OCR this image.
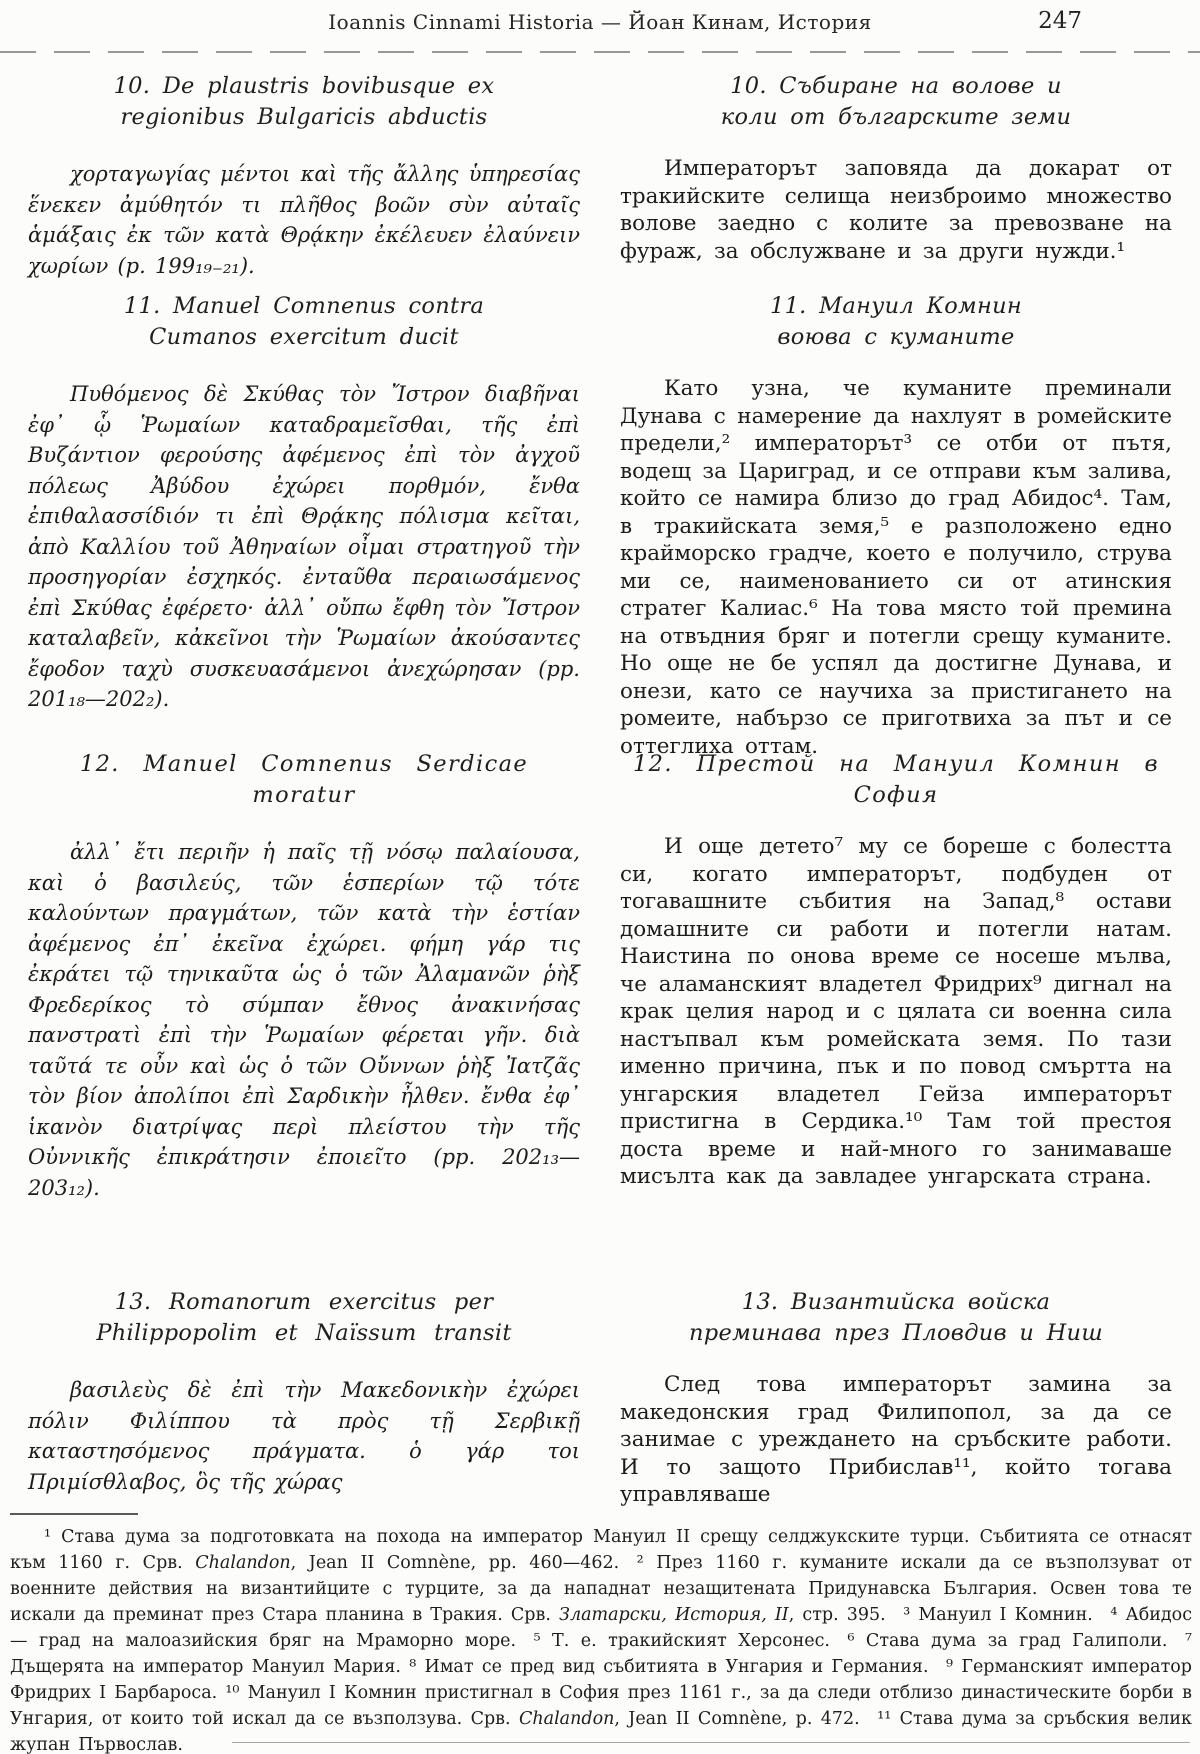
Ioannis Cinnami Historia — Йоан Кинам, История	247
10. De plaustris bovibusque ex regionibus Bulgaricis abductis

χορταγωγίας μέντοι καὶ τῆς ἄλλης ὑπηρεσίας ἕνεκεν ἀμύθητόν τι πλῆθος βοῶν σὺν αὐταῖς ἁμάξαις ἐκ τῶν κατὰ Θρᾴκην ἐκέλευεν ἐλαύνειν χωρίων (p. 199₁₉₋₂₁).

11. Manuel Comnenus contra Cumanos exercitum ducit

Πυθόμενος δὲ Σκύθας τὸν Ἴστρον διαβῆναι ἐφ᾽ ᾧ Ῥωμαίων καταδραμεῖσθαι, τῆς ἐπὶ Βυζάντιον φερούσης ἀφέμενος ἐπὶ τὸν ἀγχοῦ πόλεως Ἀβύδου ἐχώρει πορθμόν, ἔνθα ἐπιθαλασσίδιόν τι ἐπὶ Θρᾴκης πόλισμα κεῖται, ἀπὸ Καλλίου τοῦ Ἀθηναίων οἶμαι στρατηγοῦ τὴν προσηγορίαν ἐσχηκός. ἐνταῦθα περαιωσάμενος ἐπὶ Σκύθας ἐφέρετο· ἀλλ᾽ οὔπω ἔφθη τὸν Ἴστρον καταλαβεῖν, κἀκεῖνοι τὴν Ῥωμαίων ἀκούσαντες ἔφοδον ταχὺ συσκευασάμενοι ἀνεχώρησαν (pp. 201₁₈—202₂).

12. Manuel Comnenus Serdicae moratur

ἀλλ᾽ ἔτι περιῆν ἡ παῖς τῇ νόσῳ παλαίουσα, καὶ ὁ βασιλεύς, τῶν ἑσπερίων τῷ τότε καλούντων πραγμάτων, τῶν κατὰ τὴν ἑστίαν ἀφέμενος ἐπ᾽ ἐκεῖνα ἐχώρει. φήμη γάρ τις ἐκράτει τῷ τηνικαῦτα ὡς ὁ τῶν Ἀλαμανῶν ῥὴξ Φρεδερίκος τὸ σύμπαν ἔθνος ἀνακινήσας πανστρατὶ ἐπὶ τὴν Ῥωμαίων φέρεται γῆν. διὰ ταῦτά τε οὖν καὶ ὡς ὁ τῶν Οὔννων ῥὴξ Ἰατζᾶς τὸν βίον ἀπολίποι ἐπὶ Σαρδικὴν ἦλθεν. ἔνθα ἐφ᾽ ἱκανὸν διατρίψας περὶ πλείστου τὴν τῆς Οὐννικῆς ἐπικράτησιν ἐποιεῖτο (pp. 202₁₃—203₁₂).

13. Romanorum exercitus per Philippopolim et Naïssum transit

βασιλεὺς δὲ ἐπὶ τὴν Μακεδονικὴν ἐχώρει πόλιν Φιλίππου τὰ πρὸς τῇ Σερβικῇ καταστησόμενος πράγματα. ὁ γάρ τοι Πριμίσθλαβος, ὃς τῆς χώρας

10. Събиране на волове и коли от българските земи

Императорът заповяда да докарат от тракийските селища неизброимо множество волове заедно с колите за превозване на фураж, за обслужване и за други нужди.¹

11. Мануил Комнин воюва с куманите

Като узна, че куманите преминали Дунава с намерение да нахлуят в ромейските предели,² императорът³ се отби от пътя, водещ за Цариград, и се отправи към залива, който се намира близо до град Абидос⁴. Там, в тракийската земя,⁵ е разположено едно крайморско градче, което е получило, струва ми се, наименованието си от атинския стратег Калиас.⁶ На това място той премина на отвъдния бряг и потегли срещу куманите. Но още не бе успял да достигне Дунава, и онези, като се научиха за пристигането на ромеите, набързо се приготвиха за път и се оттеглиха оттам.

12. Престой на Мануил Комнин в София

И още детето⁷ му се бореше с болестта си, когато императорът, подбуден от тогавашните събития на Запад,⁸ остави домашните си работи и потегли натам. Наистина по онова време се носеше мълва, че аламанският владетел Фридрих⁹ дигнал на крак целия народ и с цялата си военна сила настъпвал към ромейската земя. По тази именно причина, пък и по повод смъртта на унгарския владетел Гейза императорът пристигна в Сердика.¹⁰ Там той престоя доста време и най-много го занимаваше мисълта как да завладее унгарската страна.

13. Византийска войска преминава през Пловдив и Ниш

След това императорът замина за македонския град Филипопол, за да се занимае с уреждането на сръбските работи. И то защото Прибислав¹¹, който тогава управляваше

¹ Става дума за подготовката на похода на император Мануил II срещу селджукските турци. Събитията се отнасят към 1160 г. Срв. Chalandon, Jean II Comnène, pp. 460—462.  ² През 1160 г. куманите искали да се възползуват от военните действия на византийците с турците, за да нападнат незащитената Придунавска България. Освен това те искали да преминат през Стара планина в Тракия. Срв. Златарски, История, II, стр. 395.  ³ Мануил I Комнин.  ⁴ Абидос — град на малоазийския бряг на Мраморно море.  ⁵ Т. е. тракийският Херсонес.  ⁶ Става дума за град Галиполи.  ⁷ Дъщерята на император Мануил Мария. ⁸ Имат се пред вид събитията в Унгария и Германия.  ⁹ Германският император Фридрих I Барбароса. ¹⁰ Мануил I Комнин пристигнал в София през 1161 г., за да следи отблизо династическите борби в Унгария, от които той искал да се възползува. Срв. Chalandon, Jean II Comnène, p. 472.  ¹¹ Става дума за сръбския велик жупан Първослав.
